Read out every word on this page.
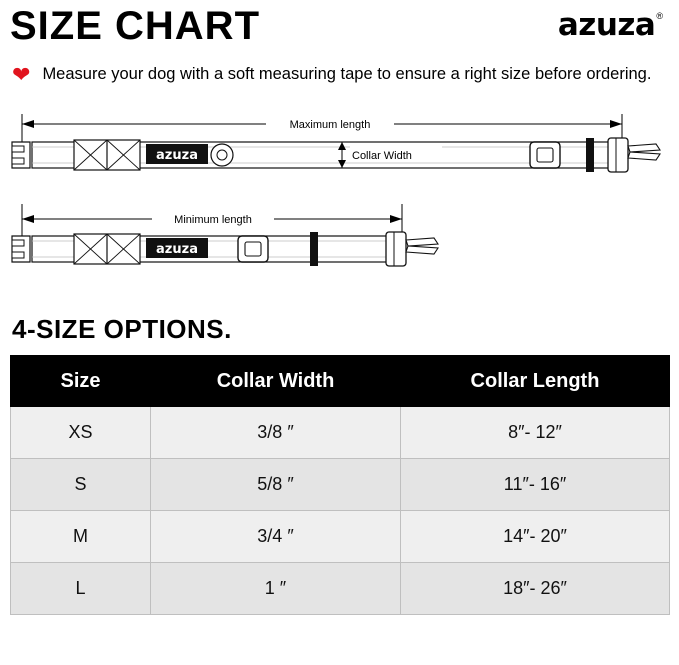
SIZE CHART	azuza ®
❤ Measure your dog with a soft measuring tape to ensure a right size before ordering.
Maximum length
azuza	Collar Width
Minimum length
azuza
4-SIZE OPTIONS.
Size	Collar Width	Collar Length
XS	3/8 ″	8″- 12″
S	5/8 ″	11″- 16″
M	3/4 ″	14″- 20″
L	1 ″	18″- 26″
